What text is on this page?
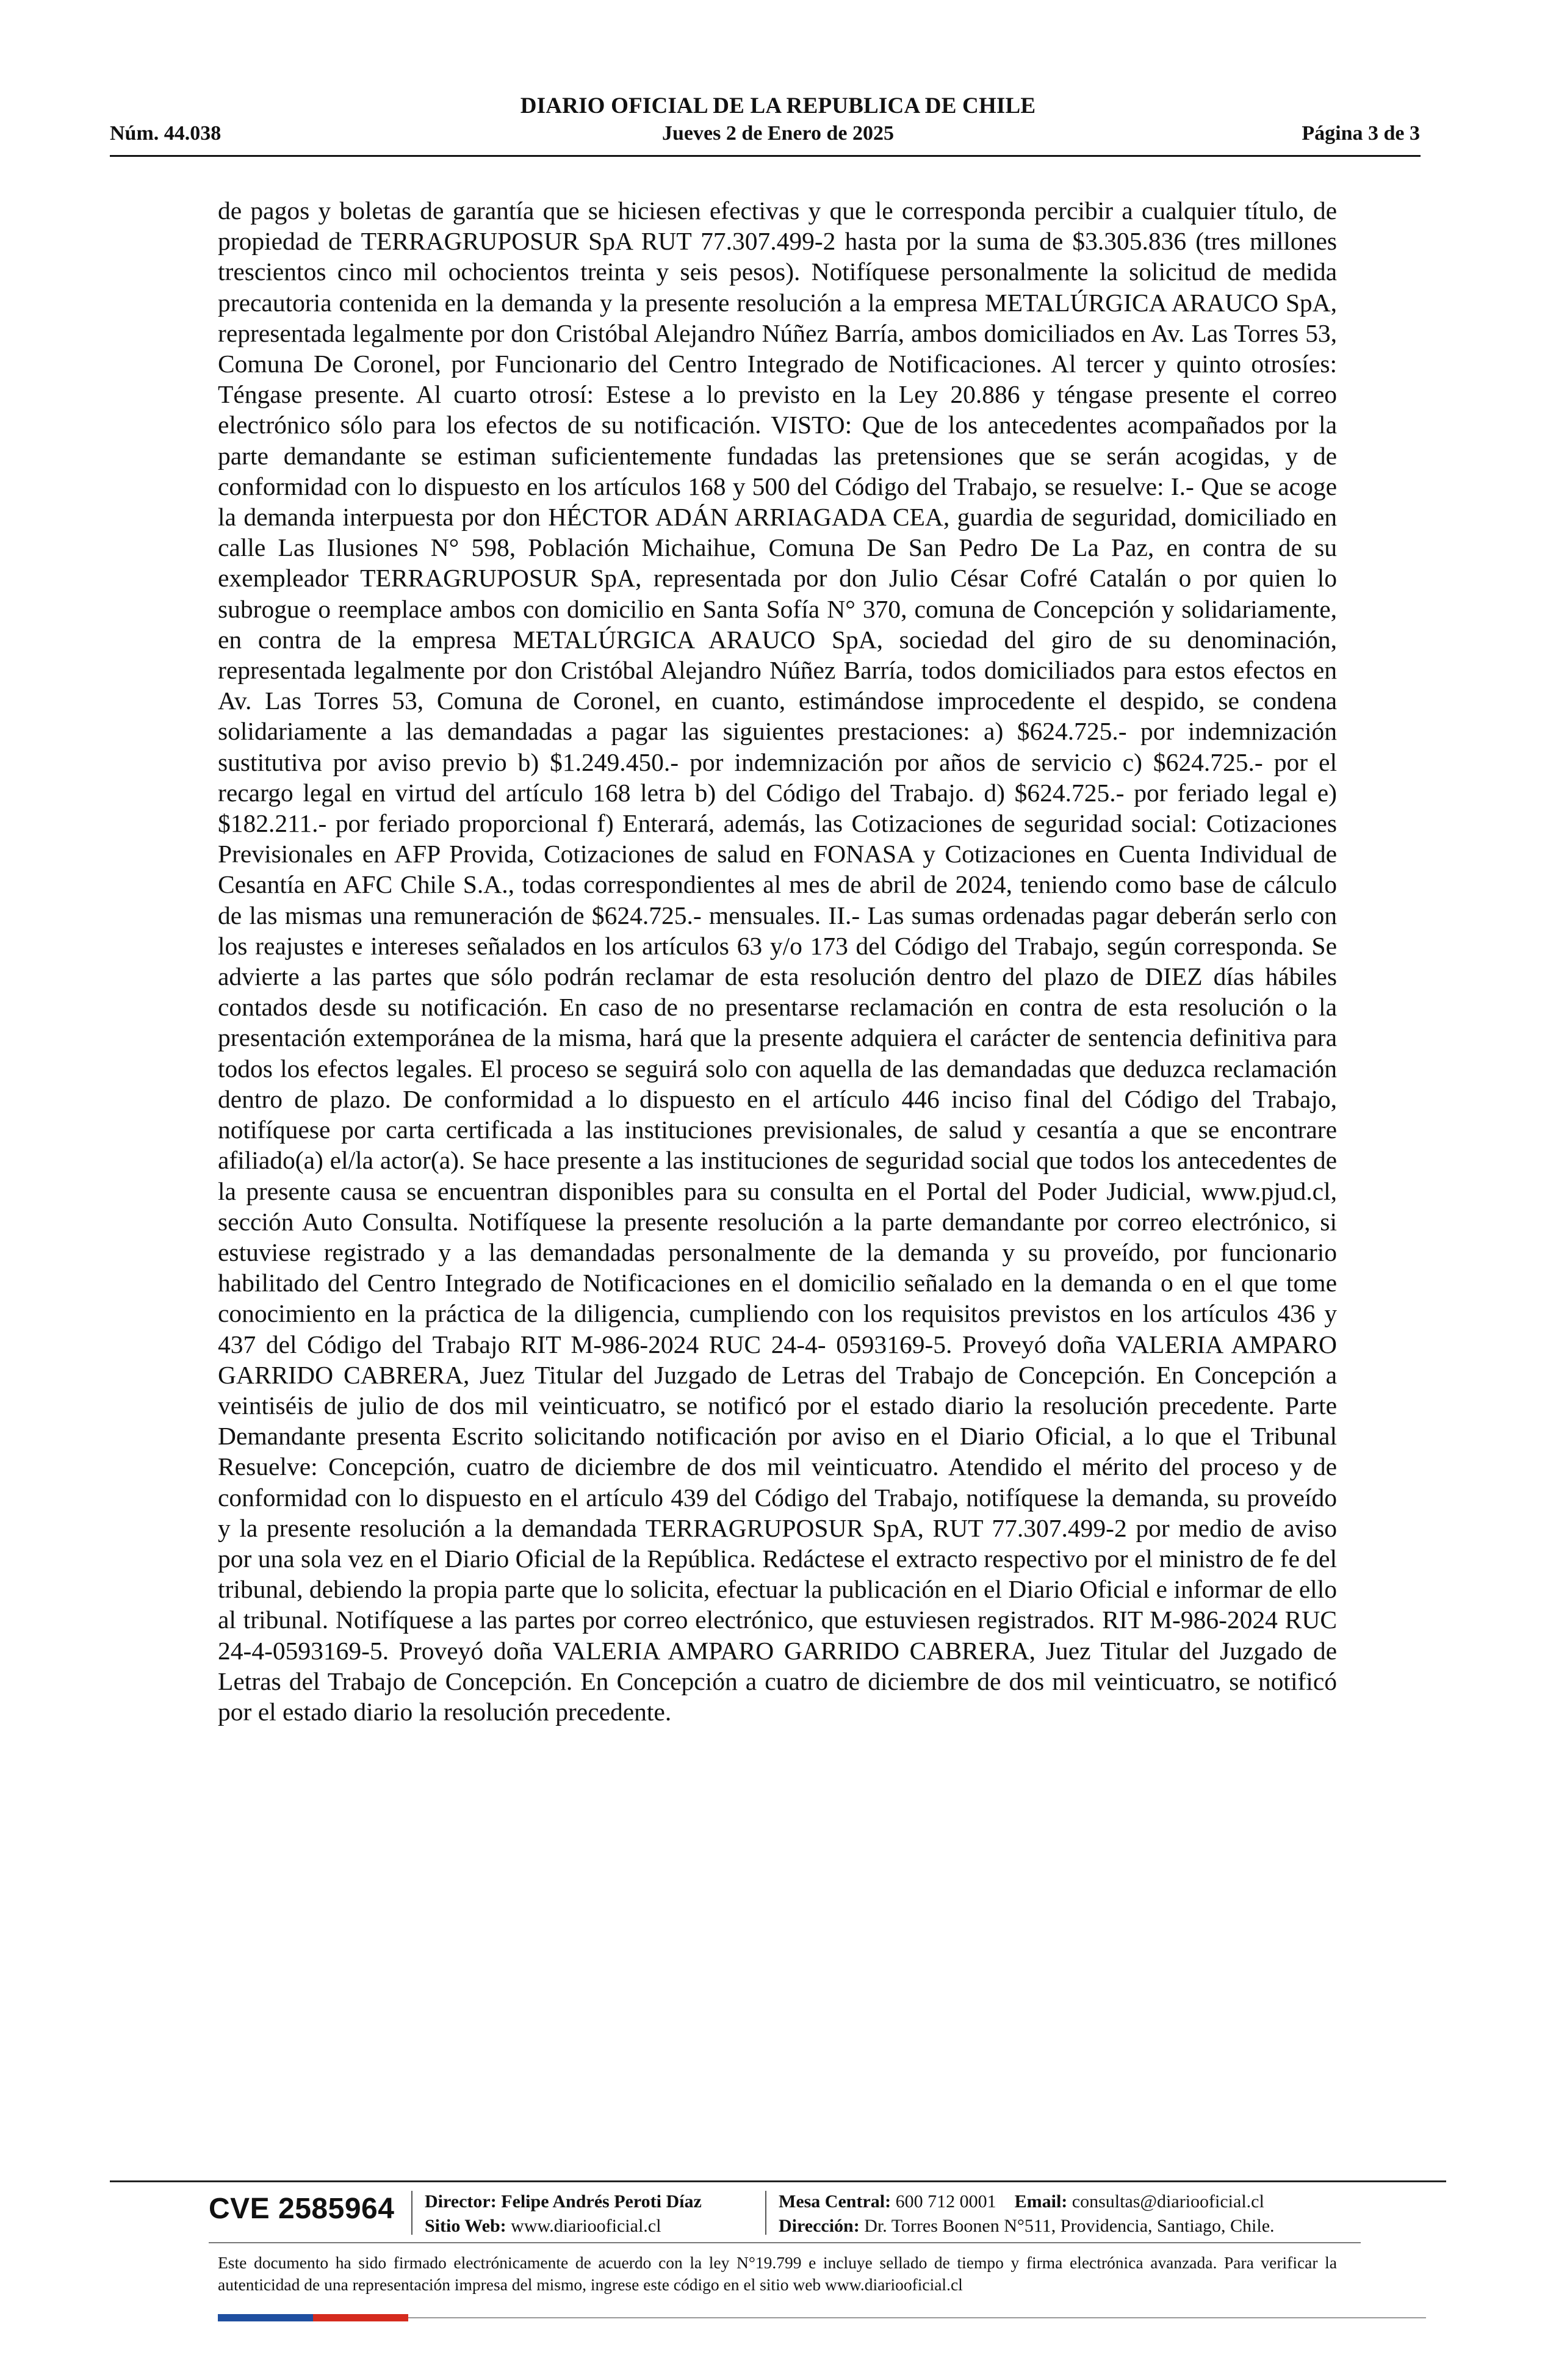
DIARIO OFICIAL DE LA REPUBLICA DE CHILE
Núm. 44.038	Jueves 2 de Enero de 2025	Página 3 de 3
de pagos y boletas de garantía que se hiciesen efectivas y que le corresponda percibir a cualquier título, de propiedad de TERRAGRUPOSUR SpA RUT 77.307.499-2 hasta por la suma de $3.305.836 (tres millones trescientos cinco mil ochocientos treinta y seis pesos). Notifíquese personalmente la solicitud de medida precautoria contenida en la demanda y la presente resolución a la empresa METALÚRGICA ARAUCO SpA, representada legalmente por don Cristóbal Alejandro Núñez Barría, ambos domiciliados en Av. Las Torres 53, Comuna De Coronel, por Funcionario del Centro Integrado de Notificaciones. Al tercer y quinto otrosíes: Téngase presente. Al cuarto otrosí: Estese a lo previsto en la Ley 20.886 y téngase presente el correo electrónico sólo para los efectos de su notificación. VISTO: Que de los antecedentes acompañados por la parte demandante se estiman suficientemente fundadas las pretensiones que se serán acogidas, y de conformidad con lo dispuesto en los artículos 168 y 500 del Código del Trabajo, se resuelve: I.- Que se acoge la demanda interpuesta por don HÉCTOR ADÁN ARRIAGADA CEA, guardia de seguridad, domiciliado en calle Las Ilusiones N° 598, Población Michaihue, Comuna De San Pedro De La Paz, en contra de su exempleador TERRAGRUPOSUR SpA, representada por don Julio César Cofré Catalán o por quien lo subrogue o reemplace ambos con domicilio en Santa Sofía N° 370, comuna de Concepción y solidariamente, en contra de la empresa METALÚRGICA ARAUCO SpA, sociedad del giro de su denominación, representada legalmente por don Cristóbal Alejandro Núñez Barría, todos domiciliados para estos efectos en Av. Las Torres 53, Comuna de Coronel, en cuanto, estimándose improcedente el despido, se condena solidariamente a las demandadas a pagar las siguientes prestaciones: a) $624.725.- por indemnización sustitutiva por aviso previo b) $1.249.450.- por indemnización por años de servicio c) $624.725.- por el recargo legal en virtud del artículo 168 letra b) del Código del Trabajo. d) $624.725.- por feriado legal e) $182.211.- por feriado proporcional f) Enterará, además, las Cotizaciones de seguridad social: Cotizaciones Previsionales en AFP Provida, Cotizaciones de salud en FONASA y Cotizaciones en Cuenta Individual de Cesantía en AFC Chile S.A., todas correspondientes al mes de abril de 2024, teniendo como base de cálculo de las mismas una remuneración de $624.725.- mensuales. II.- Las sumas ordenadas pagar deberán serlo con los reajustes e intereses señalados en los artículos 63 y/o 173 del Código del Trabajo, según corresponda. Se advierte a las partes que sólo podrán reclamar de esta resolución dentro del plazo de DIEZ días hábiles contados desde su notificación. En caso de no presentarse reclamación en contra de esta resolución o la presentación extemporánea de la misma, hará que la presente adquiera el carácter de sentencia definitiva para todos los efectos legales. El proceso se seguirá solo con aquella de las demandadas que deduzca reclamación dentro de plazo. De conformidad a lo dispuesto en el artículo 446 inciso final del Código del Trabajo, notifíquese por carta certificada a las instituciones previsionales, de salud y cesantía a que se encontrare afiliado(a) el/la actor(a). Se hace presente a las instituciones de seguridad social que todos los antecedentes de la presente causa se encuentran disponibles para su consulta en el Portal del Poder Judicial, www.pjud.cl, sección Auto Consulta. Notifíquese la presente resolución a la parte demandante por correo electrónico, si estuviese registrado y a las demandadas personalmente de la demanda y su proveído, por funcionario habilitado del Centro Integrado de Notificaciones en el domicilio señalado en la demanda o en el que tome conocimiento en la práctica de la diligencia, cumpliendo con los requisitos previstos en los artículos 436 y 437 del Código del Trabajo RIT M-986-2024 RUC 24-4- 0593169-5. Proveyó doña VALERIA AMPARO GARRIDO CABRERA, Juez Titular del Juzgado de Letras del Trabajo de Concepción. En Concepción a veintiséis de julio de dos mil veinticuatro, se notificó por el estado diario la resolución precedente. Parte Demandante presenta Escrito solicitando notificación por aviso en el Diario Oficial, a lo que el Tribunal Resuelve: Concepción, cuatro de diciembre de dos mil veinticuatro. Atendido el mérito del proceso y de conformidad con lo dispuesto en el artículo 439 del Código del Trabajo, notifíquese la demanda, su proveído y la presente resolución a la demandada TERRAGRUPOSUR SpA, RUT 77.307.499-2 por medio de aviso por una sola vez en el Diario Oficial de la República. Redáctese el extracto respectivo por el ministro de fe del tribunal, debiendo la propia parte que lo solicita, efectuar la publicación en el Diario Oficial e informar de ello al tribunal. Notifíquese a las partes por correo electrónico, que estuviesen registrados. RIT M-986-2024 RUC 24-4-0593169-5. Proveyó doña VALERIA AMPARO GARRIDO CABRERA, Juez Titular del Juzgado de Letras del Trabajo de Concepción. En Concepción a cuatro de diciembre de dos mil veinticuatro, se notificó por el estado diario la resolución precedente.
CVE 2585964 Director: Felipe Andrés Peroti Díaz
Sitio Web: www.diariooficial.cl
Mesa Central: 600 712 0001 Email: consultas@diariooficial.cl
Dirección: Dr. Torres Boonen N°511, Providencia, Santiago, Chile.
Este documento ha sido firmado electrónicamente de acuerdo con la ley N°19.799 e incluye sellado de tiempo y firma electrónica avanzada. Para verificar la autenticidad de una representación impresa del mismo, ingrese este código en el sitio web www.diariooficial.cl
